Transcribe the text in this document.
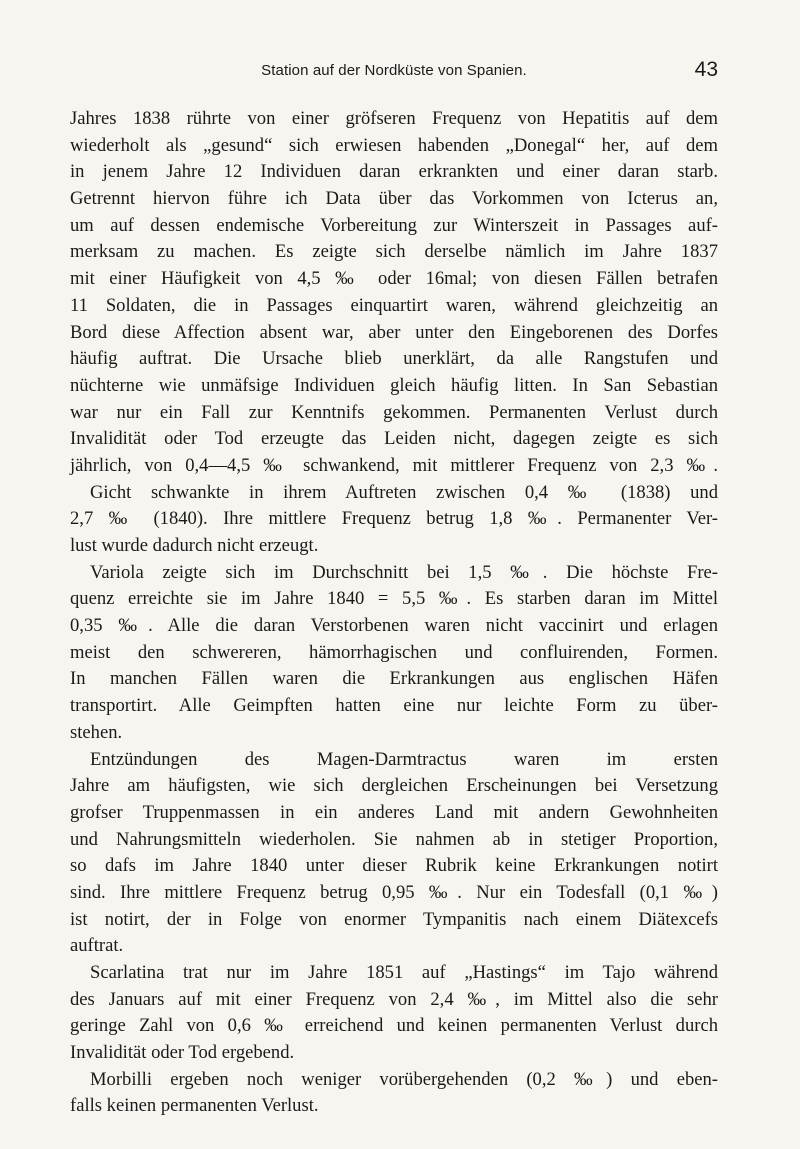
Station auf der Nordküste von Spanien.	43
Jahres 1838 rührte von einer gröfseren Frequenz von Hepatitis auf dem
wiederholt als „gesund“ sich erwiesen habenden „Donegal“ her, auf dem
in jenem Jahre 12 Individuen daran erkrankten und einer daran starb.
Getrennt hiervon führe ich Data über das Vorkommen von Icterus an,
um auf dessen endemische Vorbereitung zur Winterszeit in Passages auf-
merksam zu machen. Es zeigte sich derselbe nämlich im Jahre 1837
mit einer Häufigkeit von 4,5 ‰ oder 16mal; von diesen Fällen betrafen
11 Soldaten, die in Passages einquartirt waren, während gleichzeitig an
Bord diese Affection absent war, aber unter den Eingeborenen des Dorfes
häufig auftrat. Die Ursache blieb unerklärt, da alle Rangstufen und
nüchterne wie unmäfsige Individuen gleich häufig litten. In San Sebastian
war nur ein Fall zur Kenntnifs gekommen. Permanenten Verlust durch
Invalidität oder Tod erzeugte das Leiden nicht, dagegen zeigte es sich
jährlich, von 0,4—4,5 ‰ schwankend, mit mittlerer Frequenz von 2,3 ‰.
Gicht schwankte in ihrem Auftreten zwischen 0,4 ‰ (1838) und
2,7 ‰ (1840). Ihre mittlere Frequenz betrug 1,8 ‰. Permanenter Ver-
lust wurde dadurch nicht erzeugt.
Variola zeigte sich im Durchschnitt bei 1,5 ‰. Die höchste Fre-
quenz erreichte sie im Jahre 1840 = 5,5 ‰. Es starben daran im Mittel
0,35 ‰. Alle die daran Verstorbenen waren nicht vaccinirt und erlagen
meist den schwereren, hämorrhagischen und confluirenden, Formen.
In manchen Fällen waren die Erkrankungen aus englischen Häfen
transportirt. Alle Geimpften hatten eine nur leichte Form zu über-
stehen.
Entzündungen des Magen-Darmtractus waren im ersten
Jahre am häufigsten, wie sich dergleichen Erscheinungen bei Versetzung
grofser Truppenmassen in ein anderes Land mit andern Gewohnheiten
und Nahrungsmitteln wiederholen. Sie nahmen ab in stetiger Proportion,
so dafs im Jahre 1840 unter dieser Rubrik keine Erkrankungen notirt
sind. Ihre mittlere Frequenz betrug 0,95 ‰. Nur ein Todesfall (0,1 ‰)
ist notirt, der in Folge von enormer Tympanitis nach einem Diätexcefs
auftrat.
Scarlatina trat nur im Jahre 1851 auf „Hastings“ im Tajo während
des Januars auf mit einer Frequenz von 2,4 ‰, im Mittel also die sehr
geringe Zahl von 0,6 ‰ erreichend und keinen permanenten Verlust durch
Invalidität oder Tod ergebend.
Morbilli ergeben noch weniger vorübergehenden (0,2 ‰) und eben-
falls keinen permanenten Verlust.
